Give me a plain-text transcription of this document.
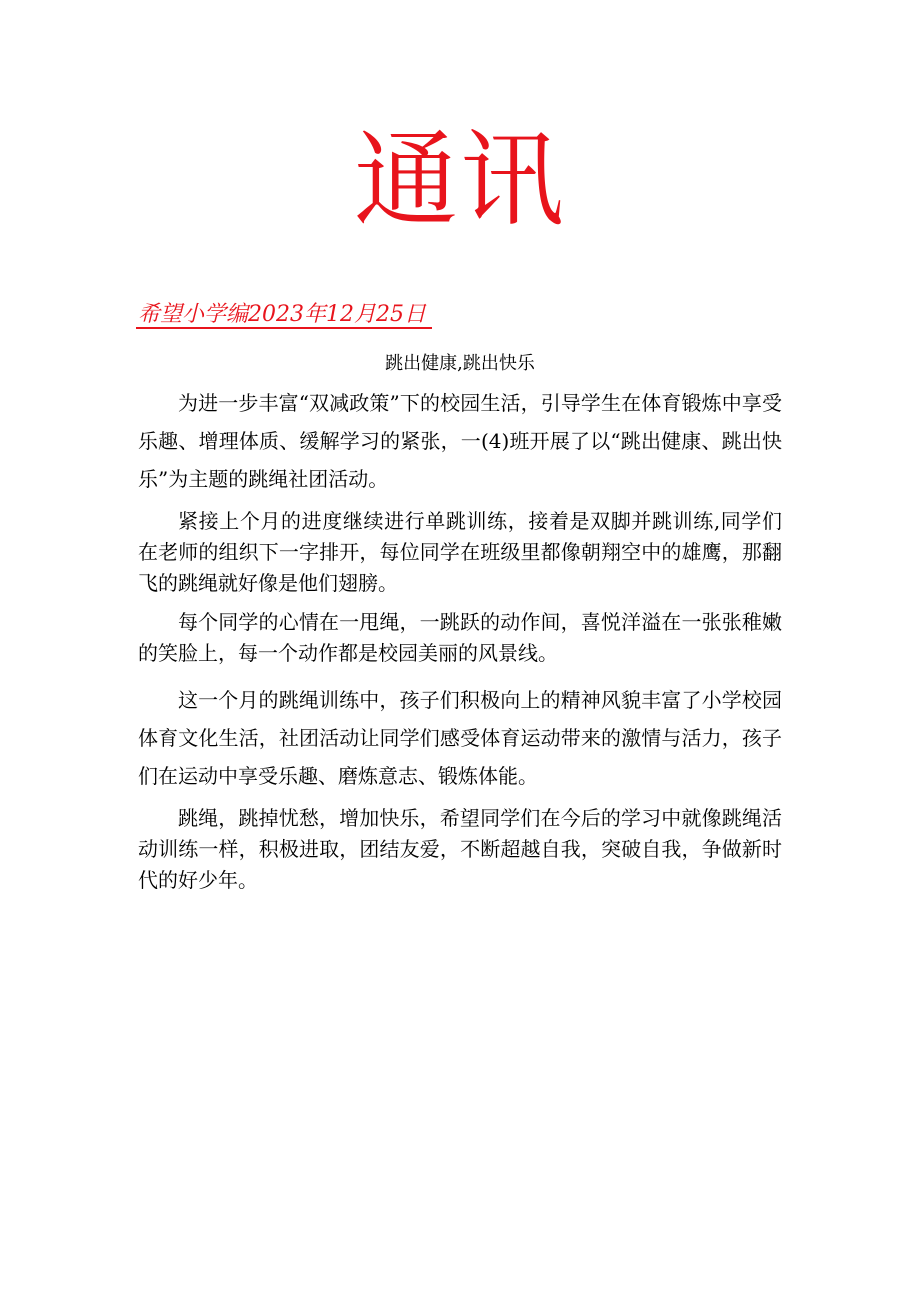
通讯
希望小学编2023年12月25日
跳出健康,跳出快乐

为进一步丰富“双减政策”下的校园生活，引导学生在体育锻炼中享受乐趣、增理体质、缓解学习的紧张，一(4)班开展了以“跳出健康、跳出快乐”为主题的跳绳社团活动。

紧接上个月的进度继续进行单跳训练，接着是双脚并跳训练,同学们在老师的组织下一字排开，每位同学在班级里都像朝翔空中的雄鹰，那翻飞的跳绳就好像是他们翅膀。

每个同学的心情在一甩绳，一跳跃的动作间，喜悦洋溢在一张张稚嫩的笑脸上，每一个动作都是校园美丽的风景线。

这一个月的跳绳训练中，孩子们积极向上的精神风貌丰富了小学校园体育文化生活，社团活动让同学们感受体育运动带来的激情与活力，孩子们在运动中享受乐趣、磨炼意志、锻炼体能。

跳绳，跳掉忧愁，增加快乐，希望同学们在今后的学习中就像跳绳活动训练一样，积极进取，团结友爱，不断超越自我，突破自我，争做新时代的好少年。
